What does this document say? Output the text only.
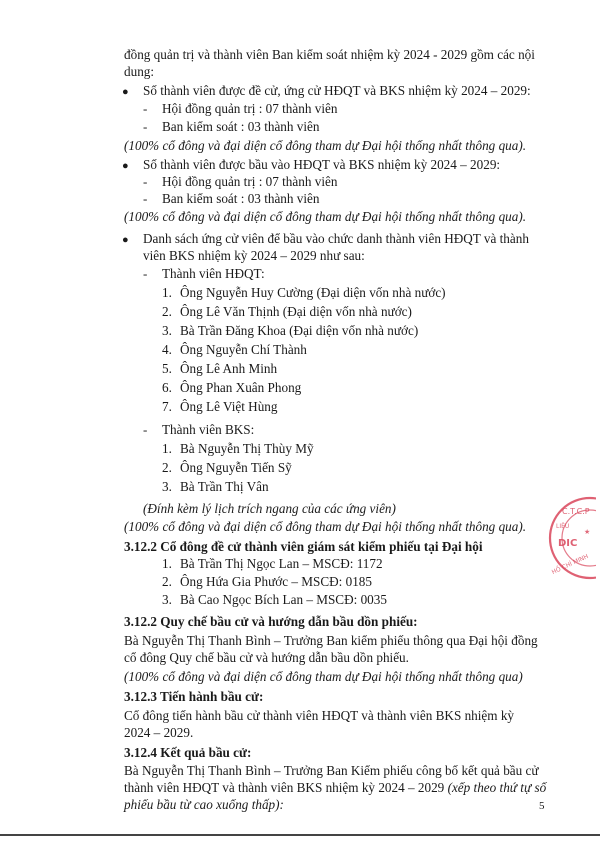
đồng quản trị và thành viên Ban kiểm soát nhiệm kỳ 2024 - 2029 gồm các nội

dung:

● Số thành viên được đề cử, ứng cử HĐQT và BKS nhiệm kỳ 2024 – 2029:
- Hội đồng quản trị : 07 thành viên
- Ban kiểm soát : 03 thành viên
(100% cổ đông và đại diện cổ đông tham dự Đại hội thống nhất thông qua).
● Số thành viên được bầu vào HĐQT và BKS nhiệm kỳ 2024 – 2029:
- Hội đồng quản trị : 07 thành viên
- Ban kiểm soát : 03 thành viên
(100% cổ đông và đại diện cổ đông tham dự Đại hội thống nhất thông qua).
● Danh sách ứng cử viên để bầu vào chức danh thành viên HĐQT và thành
viên BKS nhiệm kỳ 2024 – 2029 như sau:
- Thành viên HĐQT:
1. Ông Nguyễn Huy Cường (Đại diện vốn nhà nước)
2. Ông Lê Văn Thịnh (Đại diện vốn nhà nước)
3. Bà Trần Đăng Khoa (Đại diện vốn nhà nước)
4. Ông Nguyễn Chí Thành
5. Ông Lê Anh Minh
6. Ông Phan Xuân Phong
7. Ông Lê Việt Hùng
- Thành viên BKS:
1. Bà Nguyễn Thị Thùy Mỹ
2. Ông Nguyễn Tiến Sỹ
3. Bà Trần Thị Vân
(Đính kèm lý lịch trích ngang của các ứng viên)
(100% cổ đông và đại diện cổ đông tham dự Đại hội thống nhất thông qua).
3.12.2 Cổ đông đề cử thành viên giám sát kiểm phiếu tại Đại hội
1. Bà Trần Thị Ngọc Lan – MSCĐ: 1172
2. Ông Hứa Gia Phước – MSCĐ: 0185
3. Bà Cao Ngọc Bích Lan – MSCĐ: 0035
3.12.2 Quy chế bầu cử và hướng dẫn bầu dồn phiếu:
Bà Nguyễn Thị Thanh Bình – Trưởng Ban kiểm phiếu thông qua Đại hội đồng
cổ đông Quy chế bầu cử và hướng dẫn bầu dồn phiếu.
(100% cổ đông và đại diện cổ đông tham dự Đại hội thống nhất thông qua)
3.12.3 Tiến hành bầu cử:
Cổ đông tiến hành bầu cử thành viên HĐQT và thành viên BKS nhiệm kỳ
2024 – 2029.
3.12.4 Kết quả bầu cử:
Bà Nguyễn Thị Thanh Bình – Trưởng Ban Kiểm phiếu công bố kết quả bầu cử
thành viên HĐQT và thành viên BKS nhiệm kỳ 2024 – 2029 (xếp theo thứ tự số
phiếu bầu từ cao xuống thấp):
C.T.C.P
LIỆU
DIC
HỒ CHÍ MINH
★
5
